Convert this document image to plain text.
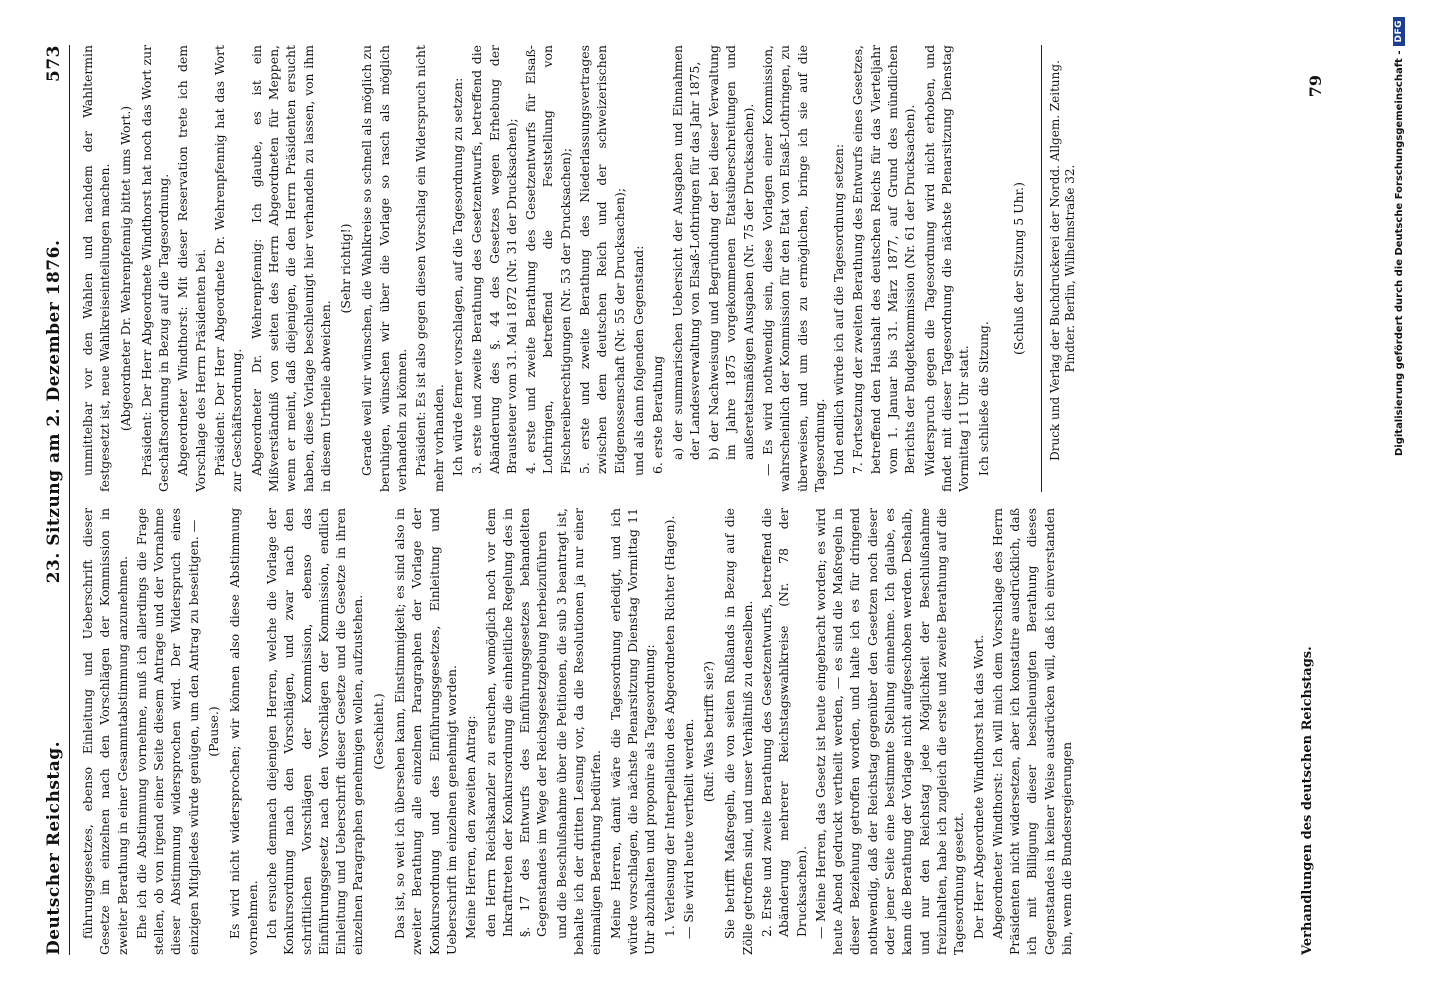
Deutscher Reichstag.
23. Sitzung am 2. Dezember 1876.
573

führungsgesetzes, ebenso Einleitung und Ueberschrift dieser Gesetze im einzelnen nach den Vorschlägen der Kommission in zweiter Berathung in einer Gesammtabstimmung anzunehmen. Ehe ich die Abstimmung vornehme, muß ich allerdings die Frage stellen, ob von irgend einer Seite diesem Antrage und der Vornahme dieser Abstimmung widersprochen wird. Der Widerspruch eines einzigen Mitgliedes würde genügen, um den Antrag zu beseitigen. — (Pause.) Es wird nicht widersprochen; wir können also diese Abstimmung vornehmen. Ich ersuche demnach diejenigen Herren, welche die Vorlage der Konkursordnung nach den Vorschlägen, und zwar nach den schriftlichen Vorschlägen der Kommission, ebenso das Einführungsgesetz nach den Vorschlägen der Kommission, endlich Einleitung und Ueberschrift dieser Gesetze und die Gesetze in ihren einzelnen Paragraphen genehmigen wollen, aufzustehen. (Geschieht.) Das ist, so weit ich übersehen kann, Einstimmigkeit; es sind also in zweiter Berathung alle einzelnen Paragraphen der Vorlage der Konkursordnung und des Einführungsgesetzes, Einleitung und Ueberschrift im einzelnen genehmigt worden. Meine Herren, den zweiten Antrag: den Herrn Reichskanzler zu ersuchen, womöglich noch vor dem Inkrafttreten der Konkursordnung die einheitliche Regelung des in §. 17 des Entwurfs des Einführungsgesetzes behandelten Gegenstandes im Wege der Reichsgesetzgebung herbeizuführen und die Beschlußnahme über die Petitionen, die sub 3 beantragt ist, behalte ich der dritten Lesung vor, da die Resolutionen ja nur einer einmaligen Berathung bedürfen. Meine Herren, damit wäre die Tagesordnung erledigt, und ich würde vorschlagen, die nächste Plenarsitzung Dienstag Vormittag 11 Uhr abzuhalten und proponire als Tagesordnung: 1. Verlesung der Interpellation des Abgeordneten Richter (Hagen). — Sie wird heute vertheilt werden. (Ruf: Was betrifft sie?) Sie betrifft Maßregeln, die von seiten Rußlands in Bezug auf die Zölle getroffen sind, und unser Verhältniß zu denselben. 2. Erste und zweite Berathung des Gesetzentwurfs, betreffend die Abänderung mehrerer Reichstagswahlkreise (Nr. 78 der Drucksachen). — Meine Herren, das Gesetz ist heute eingebracht worden; es wird heute Abend gedruckt vertheilt werden, — es sind die Maßregeln in dieser Beziehung getroffen worden, und halte ich es für dringend nothwendig, daß der Reichstag gegenüber den Gesetzen noch dieser oder jener Seite eine bestimmte Stellung einnehme. Ich glaube, es kann die Berathung der Vorlage nicht aufgeschoben werden. Deshalb, und nur den Reichstag jede Möglichkeit der Beschlußnahme freizuhalten, habe ich zugleich die erste und zweite Berathung auf die Tagesordnung gesetzt. Der Herr Abgeordnete Windthorst hat das Wort. Abgeordneter Windthorst: Ich will mich dem Vorschlage des Herrn Präsidenten nicht widersetzen, aber ich konstatire ausdrücklich, daß ich mit Billigung dieser beschleunigten Berathung dieses Gegenstandes in keiner Weise ausdrücken will, daß ich einverstanden bin, wenn die Bundesregierungen

unmittelbar vor den Wahlen und nachdem der Wahltermin festgesetzt ist, neue Wahlkreiseinteilungen machen. (Abgeordneter Dr. Wehrenpfennig bittet ums Wort.) Präsident: Der Herr Abgeordnete Windthorst hat noch das Wort zur Geschäftsordnung in Bezug auf die Tagesordnung. Abgeordneter Windthorst: Mit dieser Reservation trete ich dem Vorschlage des Herrn Präsidenten bei. Präsident: Der Herr Abgeordnete Dr. Wehrenpfennig hat das Wort zur Geschäftsordnung. Abgeordneter Dr. Wehrenpfennig: Ich glaube, es ist ein Mißverständniß von seiten des Herrn Abgeordneten für Meppen, wenn er meint, daß diejenigen, die den Herrn Präsidenten ersucht haben, diese Vorlage beschleunigt hier verhandeln zu lassen, von ihm in diesem Urtheile abweichen.

(Sehr richtig!) Gerade weil wir wünschen, die Wahlkreise so schnell als möglich zu beruhigen, wünschen wir über die Vorlage so rasch als möglich verhandeln zu können. Präsident: Es ist also gegen diesen Vorschlag ein Widerspruch nicht mehr vorhanden. Ich würde ferner vorschlagen, auf die Tagesordnung zu setzen: 3. erste und zweite Berathung des Gesetzentwurfs, betreffend die Abänderung des §. 44 des Gesetzes wegen Erhebung der Brausteuer vom 31. Mai 1872 (Nr. 31 der Drucksachen); 4. erste und zweite Berathung des Gesetzentwurfs für Elsaß-Lothringen, betreffend die Feststellung von Fischereiberechtigungen (Nr. 53 der Drucksachen); 5. erste und zweite Berathung des Niederlassungsvertrages zwischen dem deutschen Reich und der schweizerischen Eidgenossenschaft (Nr. 55 der Drucksachen); und als dann folgenden Gegenstand: 6. erste Berathung a) der summarischen Uebersicht der Ausgaben und Einnahmen der Landesverwaltung von Elsaß-Lothringen für das Jahr 1875, b) der Nachweisung und Begründung der bei dieser Verwaltung im Jahre 1875 vorgekommenen Etatsüberschreitungen und außeretatsmäßigen Ausgaben (Nr. 75 der Drucksachen). — Es wird nothwendig sein, diese Vorlagen einer Kommission, wahrscheinlich der Kommission für den Etat von Elsaß-Lothringen, zu überweisen, und um dies zu ermöglichen, bringe ich sie auf die Tagesordnung. Und endlich würde ich auf die Tagesordnung setzen: 7. Fortsetzung der zweiten Berathung des Entwurfs eines Gesetzes, betreffend den Haushalt des deutschen Reichs für das Vierteljahr vom 1. Januar bis 31. März 1877, auf Grund des mündlichen Berichts der Budgetkommission (Nr. 61 der Drucksachen). Widerspruch gegen die Tagesordnung wird nicht erhoben, und findet mit dieser Tagesordnung die nächste Plenarsitzung Dienstag Vormittag 11 Uhr statt. Ich schließe die Sitzung.

(Schluß der Sitzung 5 Uhr.) Druck und Verlag der Buchdruckerei der Nordd. Allgem. Zeitung. Pindter. Berlin, Wilhelmstraße 32.

Verhandlungen des deutschen Reichstags.
79	Digitalisierung gefördert durch die Deutsche Forschungsgemeinschaft -
DFG
